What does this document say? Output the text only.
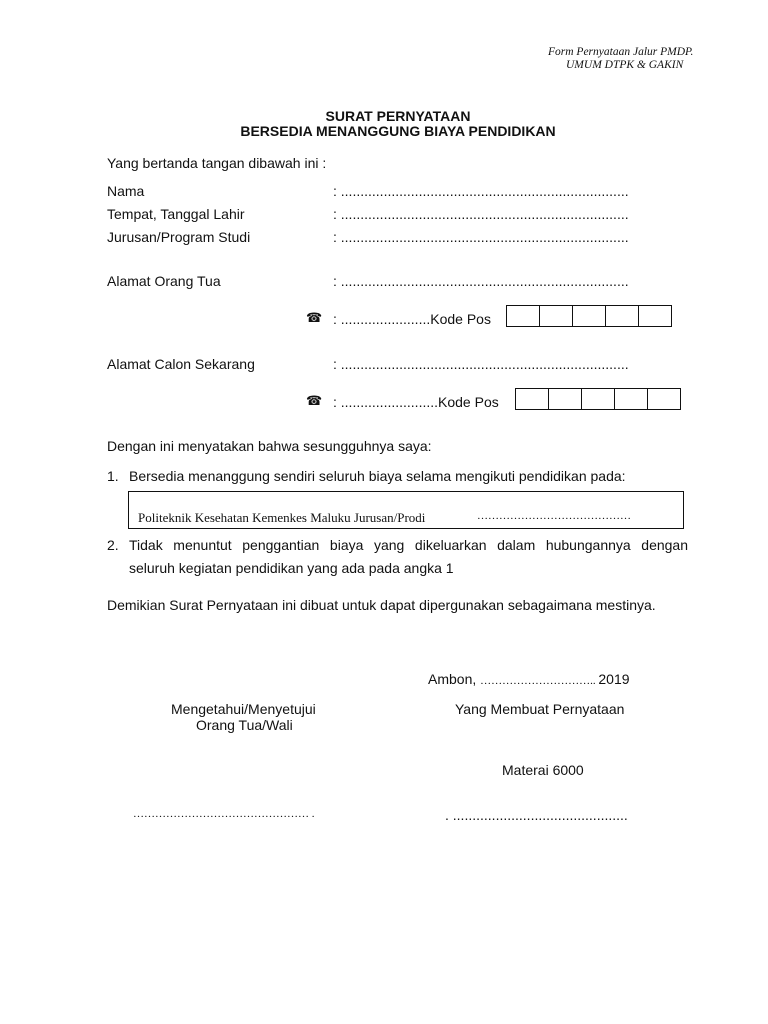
Form Pernyataan Jalur PMDP.
UMUM DTPK & GAKIN
SURAT PERNYATAAN
BERSEDIA MENANGGUNG BIAYA PENDIDIKAN
Yang bertanda tangan dibawah ini :
Nama	: ..........................................................................
Tempat, Tanggal Lahir	: ..........................................................................
Jurusan/Program Studi	: ..........................................................................
Alamat Orang Tua	: ..........................................................................
☎ : .......................Kode Pos
Alamat Calon Sekarang	: ..........................................................................
☎ : .........................Kode Pos
Dengan ini menyatakan bahwa sesungguhnya saya:
1. Bersedia menanggung sendiri seluruh biaya selama mengikuti pendidikan pada:
Politeknik Kesehatan Kemenkes Maluku Jurusan/Prodi	……………………………………
2. Tidak menuntut penggantian biaya yang dikeluarkan dalam hubungannya dengan
seluruh kegiatan pendidikan yang ada pada angka 1
Demikian Surat Pernyataan ini dibuat untuk dapat dipergunakan sebagaimana mestinya.
Ambon, ………………………….. 2019
Mengetahui/Menyetujui
Orang Tua/Wali
Yang Membuat Pernyataan
Materai 6000
………………………………………… .	. .............................................
